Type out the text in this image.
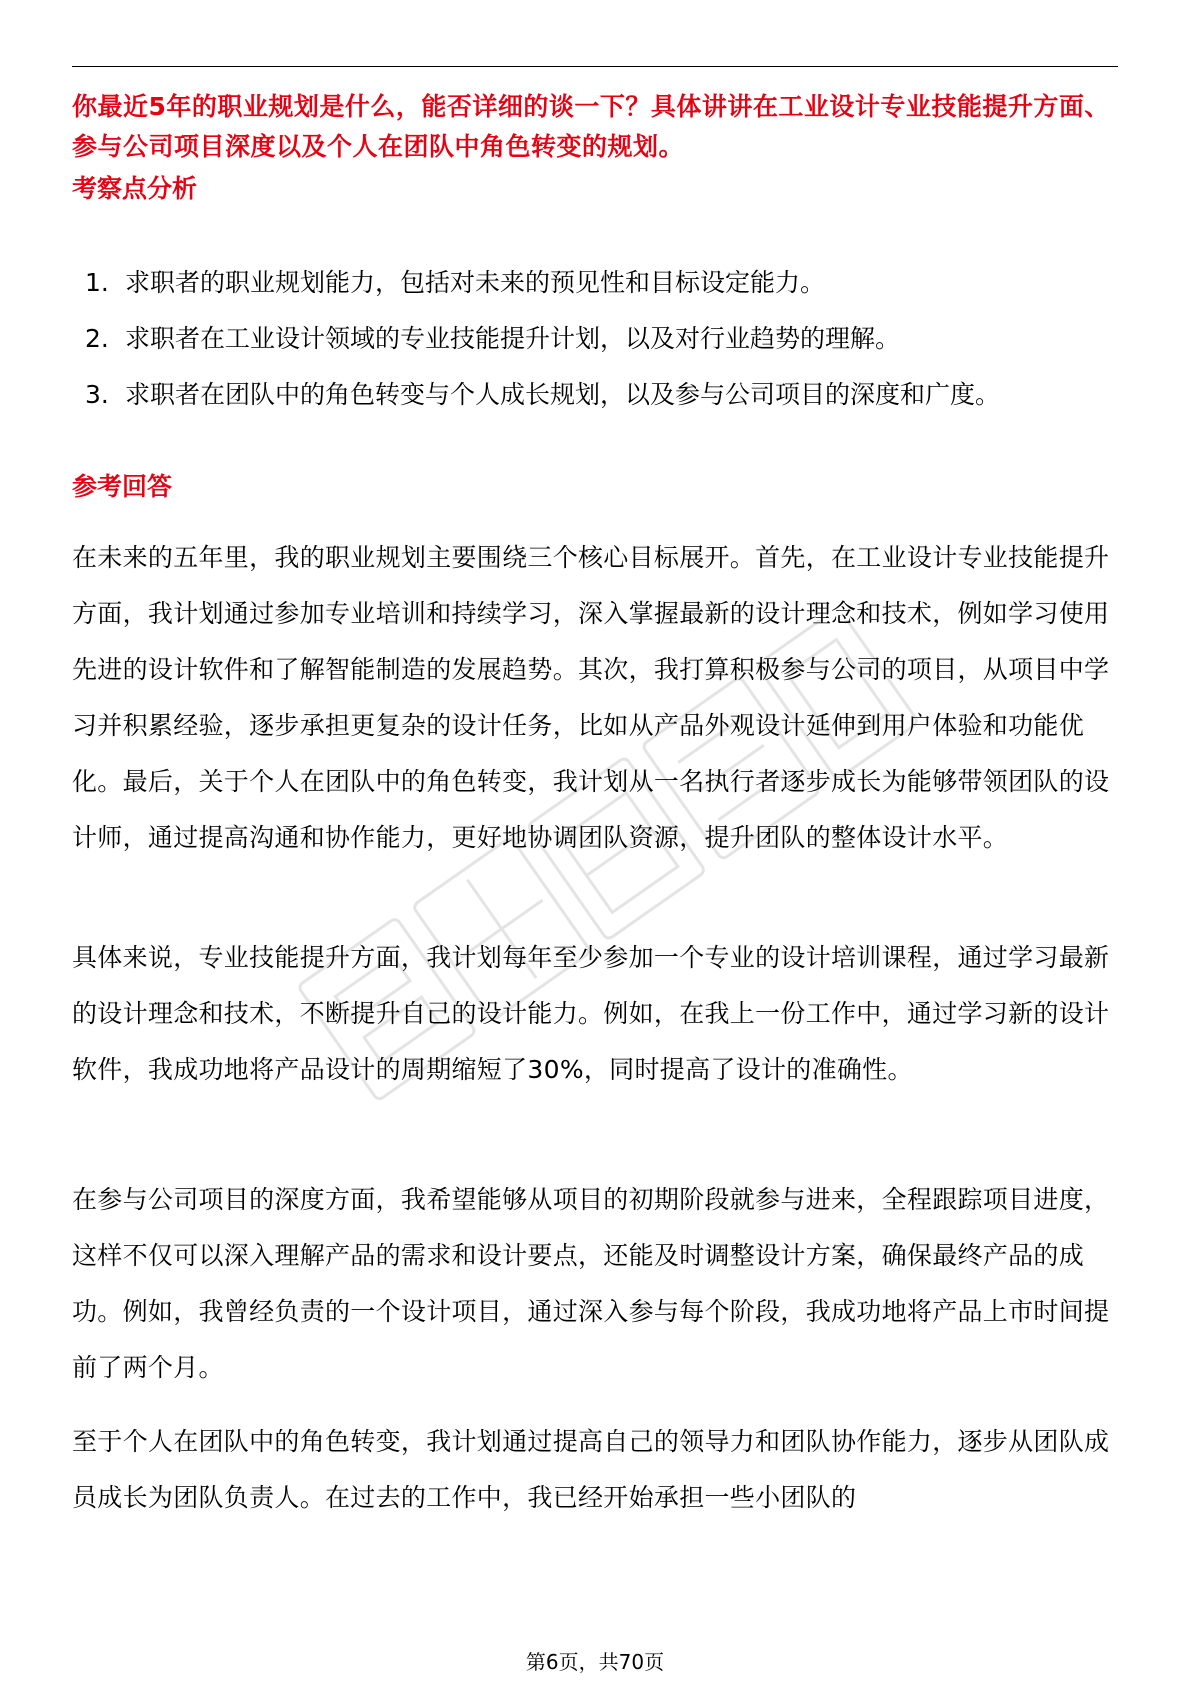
你最近5年的职业规划是什么，能否详细的谈一下？具体讲讲在工业设计专业技能提升方面、参与公司项目深度以及个人在团队中角色转变的规划。
考察点分析
1. 求职者的职业规划能力，包括对未来的预见性和目标设定能力。
2. 求职者在工业设计领域的专业技能提升计划，以及对行业趋势的理解。
3. 求职者在团队中的角色转变与个人成长规划，以及参与公司项目的深度和广度。
参考回答

在未来的五年里，我的职业规划主要围绕三个核心目标展开。首先，在工业设计专业技能提升方面，我计划通过参加专业培训和持续学习，深入掌握最新的设计理念和技术，例如学习使用先进的设计软件和了解智能制造的发展趋势。其次，我打算积极参与公司的项目，从项目中学习并积累经验，逐步承担更复杂的设计任务，比如从产品外观设计延伸到用户体验和功能优化。最后，关于个人在团队中的角色转变，我计划从一名执行者逐步成长为能够带领团队的设计师，通过提高沟通和协作能力，更好地协调团队资源，提升团队的整体设计水平。

具体来说，专业技能提升方面，我计划每年至少参加一个专业的设计培训课程，通过学习最新的设计理念和技术，不断提升自己的设计能力。例如，在我上一份工作中，通过学习新的设计软件，我成功地将产品设计的周期缩短了30%，同时提高了设计的准确性。

在参与公司项目的深度方面，我希望能够从项目的初期阶段就参与进来，全程跟踪项目进度，这样不仅可以深入理解产品的需求和设计要点，还能及时调整设计方案，确保最终产品的成功。例如，我曾经负责的一个设计项目，通过深入参与每个阶段，我成功地将产品上市时间提前了两个月。

至于个人在团队中的角色转变，我计划通过提高自己的领导力和团队协作能力，逐步从团队成员成长为团队负责人。在过去的工作中，我已经开始承担一些小团队的

第6页，共70页
